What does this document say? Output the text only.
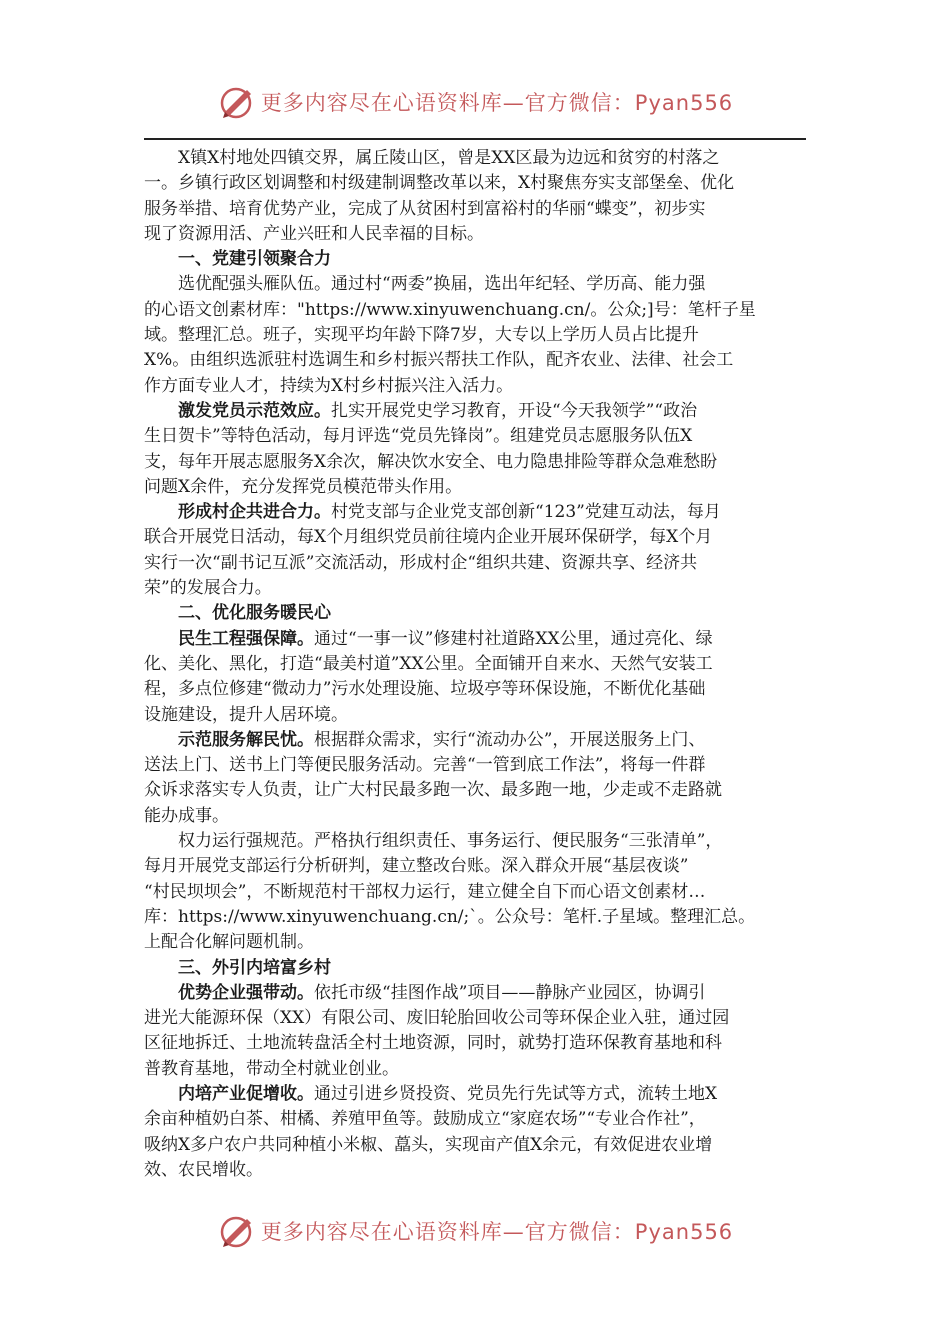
更多内容尽在心语资料库—官方微信：Pyan556

X镇X村地处四镇交界，属丘陵山区，曾是XX区最为边远和贫穷的村落之
一。乡镇行政区划调整和村级建制调整改革以来，X村聚焦夯实支部堡垒、优化
服务举措、培育优势产业，完成了从贫困村到富裕村的华丽“蝶变”，初步实
现了资源用活、产业兴旺和人民幸福的目标。

一、党建引领聚合力

选优配强头雁队伍。通过村“两委”换届，选出年纪轻、学历高、能力强
的心语文创素材库："https://www.xinyuwenchuang.cn/。公众;]号：笔杆子星
域。整理汇总。班子，实现平均年龄下降7岁，大专以上学历人员占比提升
X%。由组织选派驻村选调生和乡村振兴帮扶工作队，配齐农业、法律、社会工
作方面专业人才，持续为X村乡村振兴注入活力。

激发党员示范效应。扎实开展党史学习教育，开设“今天我领学”“政治
生日贺卡”等特色活动，每月评选“党员先锋岗”。组建党员志愿服务队伍X
支，每年开展志愿服务X余次，解决饮水安全、电力隐患排险等群众急难愁盼
问题X余件，充分发挥党员模范带头作用。

形成村企共进合力。村党支部与企业党支部创新“123”党建互动法，每月
联合开展党日活动，每X个月组织党员前往境内企业开展环保研学，每X个月
实行一次“副书记互派”交流活动，形成村企“组织共建、资源共享、经济共
荣”的发展合力。

二、优化服务暖民心

民生工程强保障。通过“一事一议”修建村社道路XX公里，通过亮化、绿
化、美化、黑化，打造“最美村道”XX公里。全面铺开自来水、天然气安装工
程，多点位修建“微动力”污水处理设施、垃圾亭等环保设施，不断优化基础
设施建设，提升人居环境。

示范服务解民忧。根据群众需求，实行“流动办公”，开展送服务上门、
送法上门、送书上门等便民服务活动。完善“一管到底工作法”，将每一件群
众诉求落实专人负责，让广大村民最多跑一次、最多跑一地，少走或不走路就
能办成事。

权力运行强规范。严格执行组织责任、事务运行、便民服务“三张清单”，
每月开展党支部运行分析研判，建立整改台账。深入群众开展“基层夜谈”
“村民坝坝会”，不断规范村干部权力运行，建立健全自下而心语文创素材…
库：https://www.xinyuwenchuang.cn/;`。公众号：笔杆.子星域。整理汇总。
上配合化解问题机制。

三、外引内培富乡村

优势企业强带动。依托市级“挂图作战”项目——静脉产业园区，协调引
进光大能源环保（XX）有限公司、废旧轮胎回收公司等环保企业入驻，通过园
区征地拆迁、土地流转盘活全村土地资源，同时，就势打造环保教育基地和科
普教育基地，带动全村就业创业。

内培产业促增收。通过引进乡贤投资、党员先行先试等方式，流转土地X
余亩种植奶白茶、柑橘、养殖甲鱼等。鼓励成立“家庭农场”“专业合作社”，
吸纳X多户农户共同种植小米椒、藠头，实现亩产值X余元，有效促进农业增
效、农民增收。

更多内容尽在心语资料库—官方微信：Pyan556
